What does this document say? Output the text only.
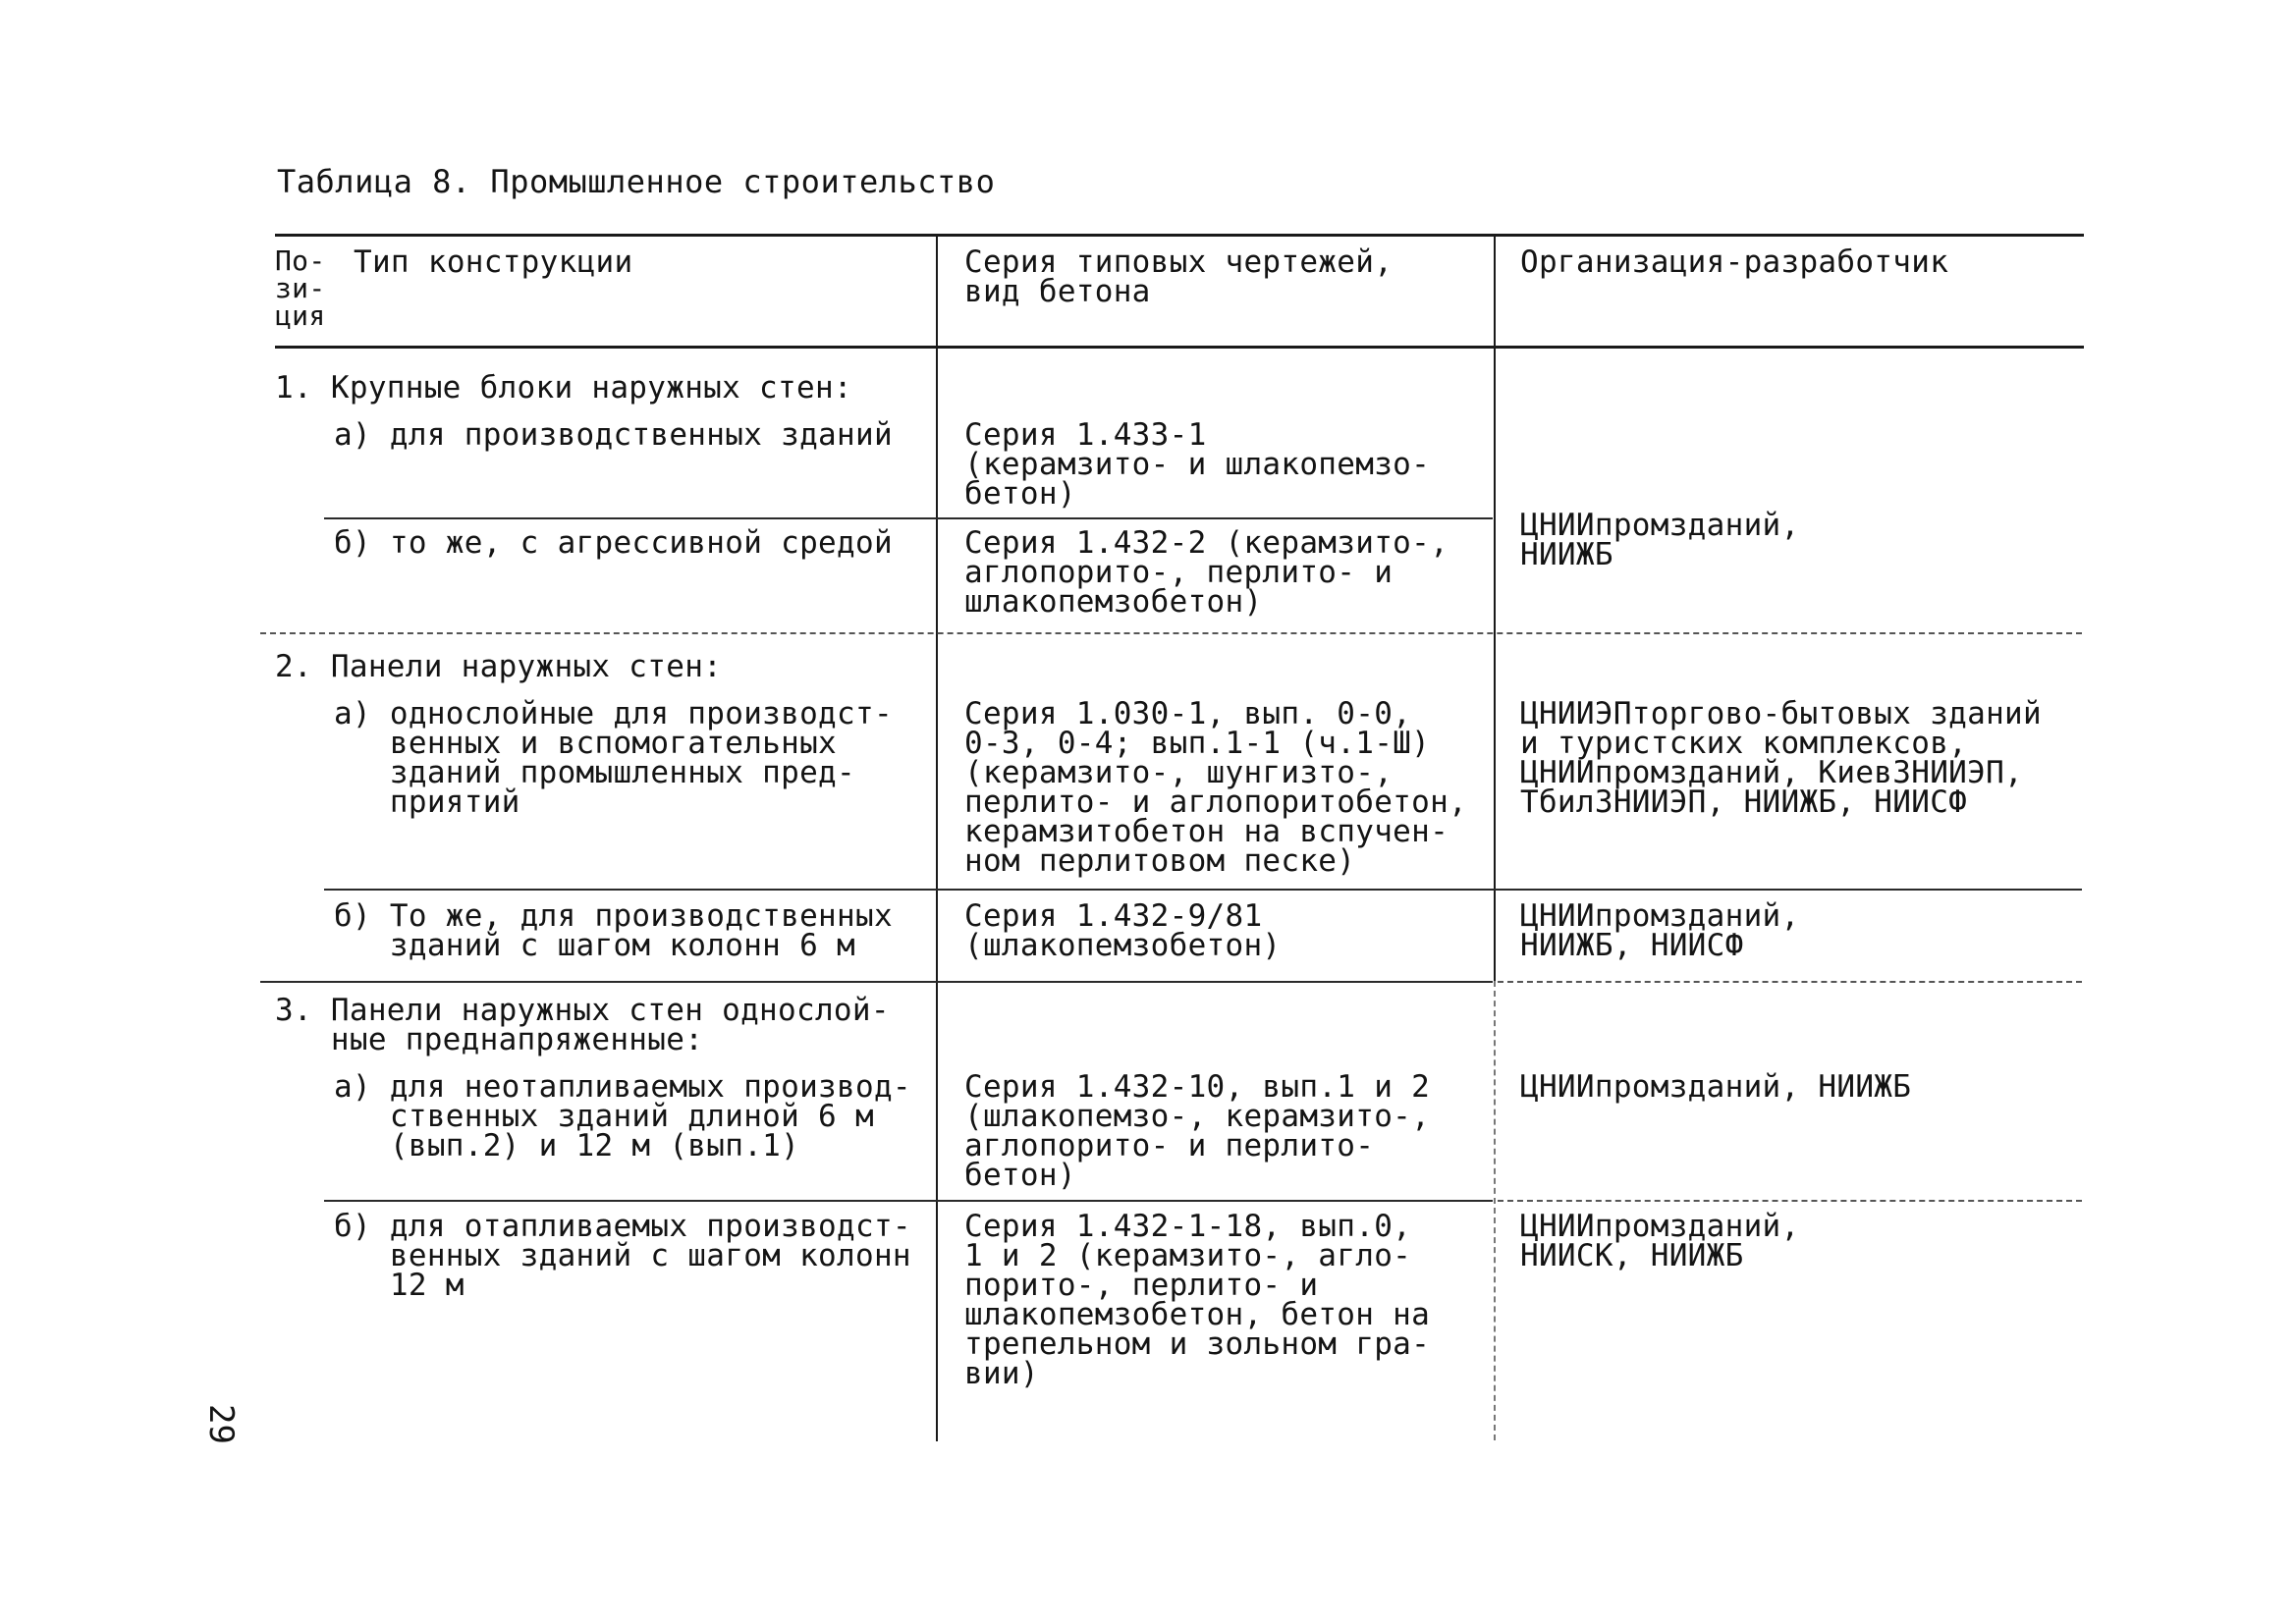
Таблица 8. Промышленное строительство
По-
зи-
ция
Тип конструкции	Серия типовых чертежей,
вид бетона
Организация-разработчик
1. Крупные блоки наружных стен:
а) для производственных зданий Серия 1.433-1
(керамзито- и шлакопемзо-
бетон)
б) то же, с агрессивной средой Серия 1.432-2 (керамзито-,
аглопорито-, перлито- и
шлакопемзобетон)
ЦНИИпромзданий,
НИИЖБ
2. Панели наружных стен:
а) однослойные для производст-
венных и вспомогательных
зданий промышленных пред-
приятий
Серия 1.030-1, вып. 0-0,
0-3, 0-4; вып.1-1 (ч.1-Ш)
(керамзито-, шунгизто-,
перлито- и аглопоритобетон,
керамзитобетон на вспучен-
ном перлитовом песке)
ЦНИИЭПторгово-бытовых зданий
и туристских комплексов,
ЦНИИпромзданий, КиевЗНИИЭП,
ТбилЗНИИЭП, НИИЖБ, НИИСФ
б) То же, для производственных
зданий с шагом колонн 6 м
Серия 1.432-9/81
(шлакопемзобетон)
ЦНИИпромзданий,
НИИЖБ, НИИСФ
3. Панели наружных стен однослой-
ные преднапряженные:
а) для неотапливаемых производ-
ственных зданий длиной 6 м
(вып.2) и 12 м (вып.1)
Серия 1.432-10, вып.1 и 2
(шлакопемзо-, керамзито-,
аглопорито- и перлито-
бетон)
ЦНИИпромзданий, НИИЖБ
б) для отапливаемых производст-
венных зданий с шагом колонн
12 м
Серия 1.432-1-18, вып.0,
1 и 2 (керамзито-, агло-
порито-, перлито- и
шлакопемзобетон, бетон на
трепельном и зольном гра-
вии)
ЦНИИпромзданий,
НИИСК, НИИЖБ
29
